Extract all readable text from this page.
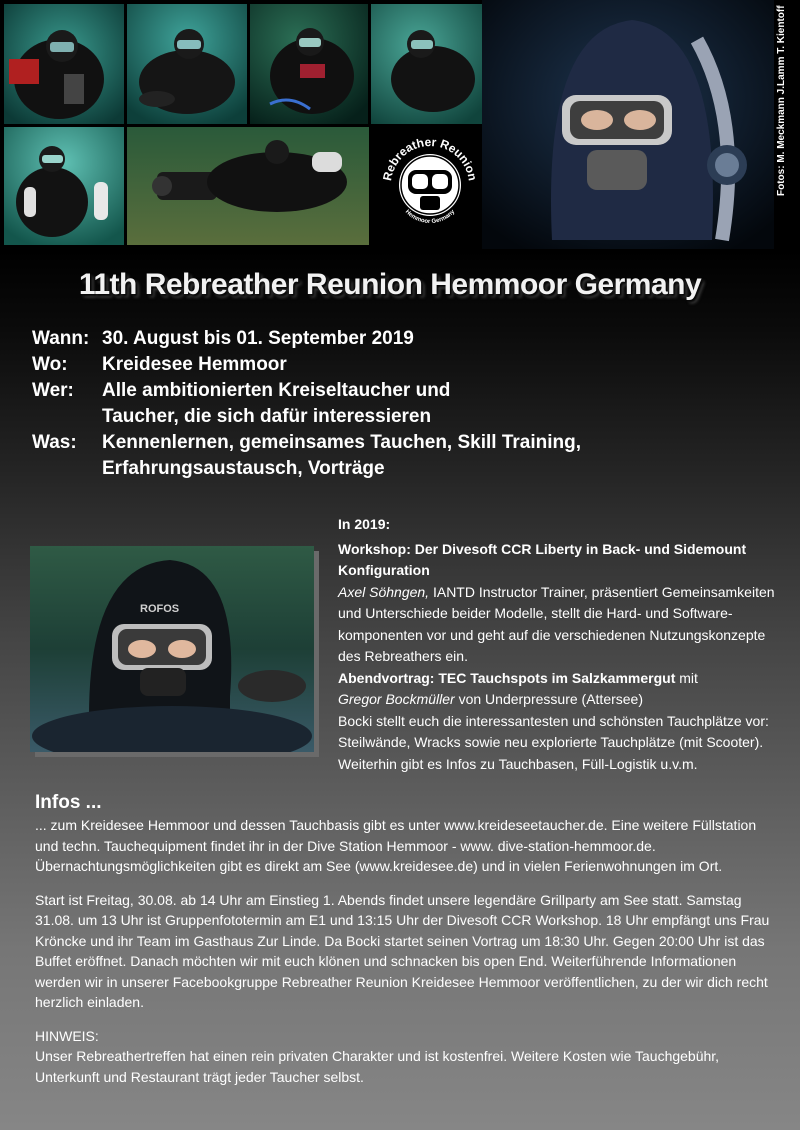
Fotos: M. Meckmann J.Lamm T. Kientoff
Rebreather Reunion
Hemmoor Germany
11th Rebreather Reunion Hemmoor Germany
Wann: 30. August bis 01. September 2019
Wo:	Kreidesee Hemmoor
Wer:	Alle ambitionierten Kreiseltaucher und
Taucher, die sich dafür interessieren
Was:	Kennenlernen, gemeinsames Tauchen, Skill Training,
Erfahrungsaustausch, Vorträge
ROFOS

In 2019:

Workshop: Der Divesoft CCR Liberty in Back- und Sidemount Konfiguration

Axel Söhngen, IANTD Instructor Trainer, präsentiert Gemeinsamkeiten und Unterschiede beider Modelle, stellt die Hard- und Software-komponenten vor und geht auf die verschiedenen Nutzungskonzepte des Rebreathers ein.

Abendvortrag: TEC Tauchspots im Salzkammergut mit

Gregor Bockmüller von Underpressure (Attersee)

Bocki stellt euch die interessantesten und schönsten Tauchplätze vor: Steilwände, Wracks sowie neu explorierte Tauchplätze (mit Scooter). Weiterhin gibt es Infos zu Tauchbasen, Füll-Logistik u.v.m.

Infos ...

... zum Kreidesee Hemmoor und dessen Tauchbasis gibt es unter www.kreideseetaucher.de. Eine weitere Füllstation und techn. Tauchequipment findet ihr in der Dive Station Hemmoor - www. dive-station-hemmoor.de. Übernachtungsmöglichkeiten gibt es direkt am See (www.kreidesee.de) und in vielen Ferienwohnungen im Ort.

Start ist Freitag, 30.08. ab 14 Uhr am Einstieg 1. Abends findet unsere legendäre Grillparty am See statt. Samstag 31.08. um 13 Uhr ist Gruppenfototermin am E1 und 13:15 Uhr der Divesoft CCR Workshop. 18 Uhr empfängt uns Frau Kröncke und ihr Team im Gasthaus Zur Linde. Da Bocki startet seinen Vortrag um 18:30 Uhr. Gegen 20:00 Uhr ist das Buffet eröffnet. Danach möchten wir mit euch klönen und schnacken bis open End. Weiterführende Informationen werden wir in unserer Facebookgruppe Rebreather Reunion Kreidesee Hemmoor veröffentlichen, zu der wir dich recht herzlich einladen.

HINWEIS:

Unser Rebreathertreffen hat einen rein privaten Charakter und ist kostenfrei. Weitere Kosten wie Tauchgebühr, Unterkunft und Restaurant trägt jeder Taucher selbst.
